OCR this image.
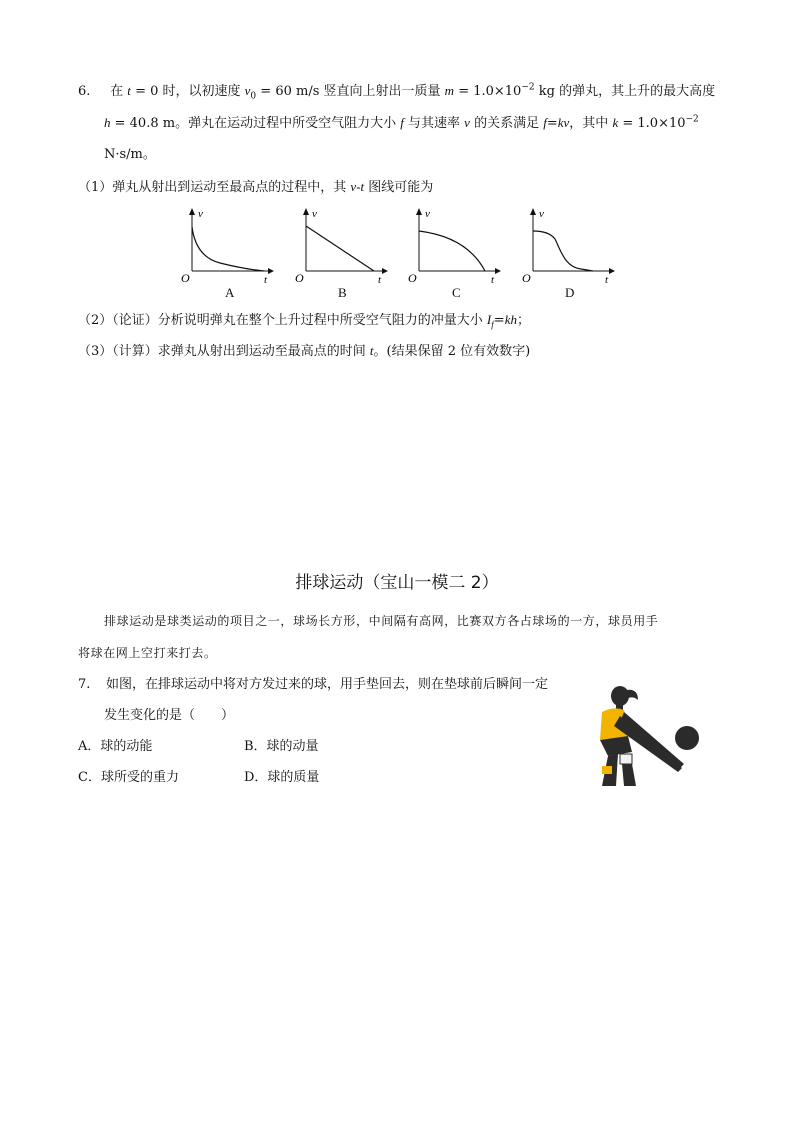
6. 在 t = 0 时，以初速度 $v_0 = 60$ m/s 竖直向上射出一质量 $m = 1.0\times 10^{-2}$ kg 的弹丸，其上升的最大高度
h = 40.8 m。弹丸在运动过程中所受空气阻力大小 f 与其速率 v 的关系满足 f=kv，其中 $k = 1.0\times 10^{-2}$
N·s/m。
（1）弹丸从射出到运动至最高点的过程中，其 v-t 图线可能为
v
t
O
v
t
O
v
t
O
v
t
O
A	B	C	D
（2）（论证）分析说明弹丸在整个上升过程中所受空气阻力的冲量大小 $I_f=kh$；
（3）（计算）求弹丸从射出到运动至最高点的时间 t。(结果保留 2 位有效数字)
排球运动（宝山一模二 2）
排球运动是球类运动的项目之一，球场长方形，中间隔有高网，比赛双方各占球场的一方，球员用手
将球在网上空打来打去。
7. 如图，在排球运动中将对方发过来的球，用手垫回去，则在垫球前后瞬间一定
发生变化的是（　　）
A．球的动能	B．球的动量
C．球所受的重力	D．球的质量
